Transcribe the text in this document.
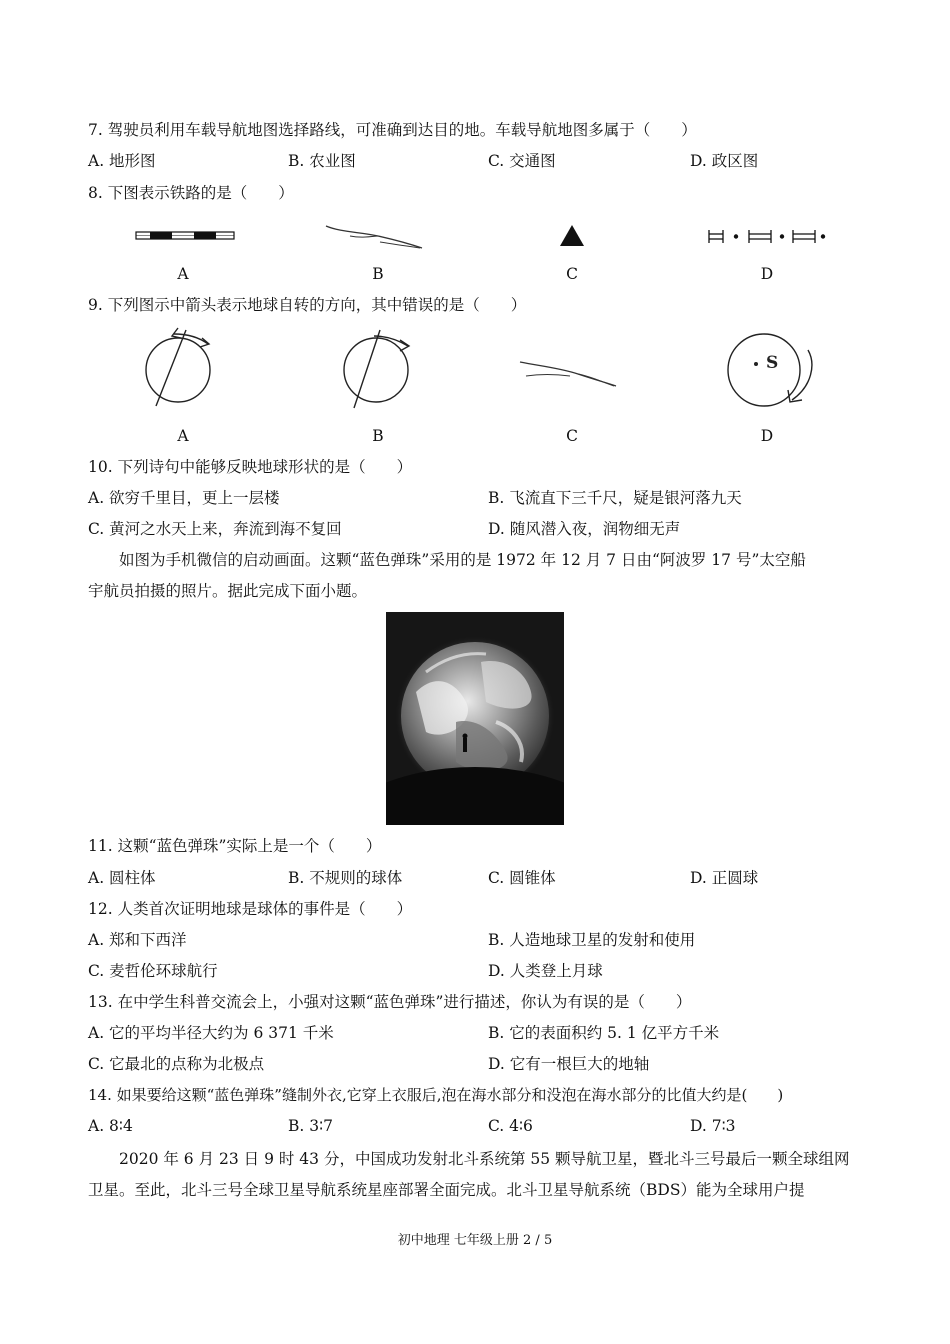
7. 驾驶员利用车载导航地图选择路线，可准确到达目的地。车载导航地图多属于（　　）
A. 地形图	B. 农业图	C. 交通图	D. 政区图
8. 下图表示铁路的是（　　）
A	B	C	D
9. 下列图示中箭头表示地球自转的方向，其中错误的是（　　）
S
A	B	C	D
10. 下列诗句中能够反映地球形状的是（　　）
A. 欲穷千里目，更上一层楼	B. 飞流直下三千尺，疑是银河落九天
C. 黄河之水天上来，奔流到海不复回	D. 随风潜入夜，润物细无声
如图为手机微信的启动画面。这颗“蓝色弹珠”采用的是 1972 年 12 月 7 日由“阿波罗 17 号”太空船
宇航员拍摄的照片。据此完成下面小题。
11. 这颗“蓝色弹珠”实际上是一个（　　）
A. 圆柱体	B. 不规则的球体	C. 圆锥体	D. 正圆球
12. 人类首次证明地球是球体的事件是（　　）
A. 郑和下西洋	B. 人造地球卫星的发射和使用
C. 麦哲伦环球航行	D. 人类登上月球
13. 在中学生科普交流会上，小强对这颗“蓝色弹珠”进行描述，你认为有误的是（　　）
A. 它的平均半径大约为 6 371 千米	B. 它的表面积约 5. 1 亿平方千米
C. 它最北的点称为北极点	D. 它有一根巨大的地轴
14. 如果要给这颗“蓝色弹珠”缝制外衣,它穿上衣服后,泡在海水部分和没泡在海水部分的比值大约是(　　)
A. 8∶4	B. 3∶7	C. 4∶6	D. 7∶3
2020 年 6 月 23 日 9 时 43 分，中国成功发射北斗系统第 55 颗导航卫星，暨北斗三号最后一颗全球组网
卫星。至此，北斗三号全球卫星导航系统星座部署全面完成。北斗卫星导航系统（BDS）能为全球用户提
初中地理 七年级上册 2 / 5
